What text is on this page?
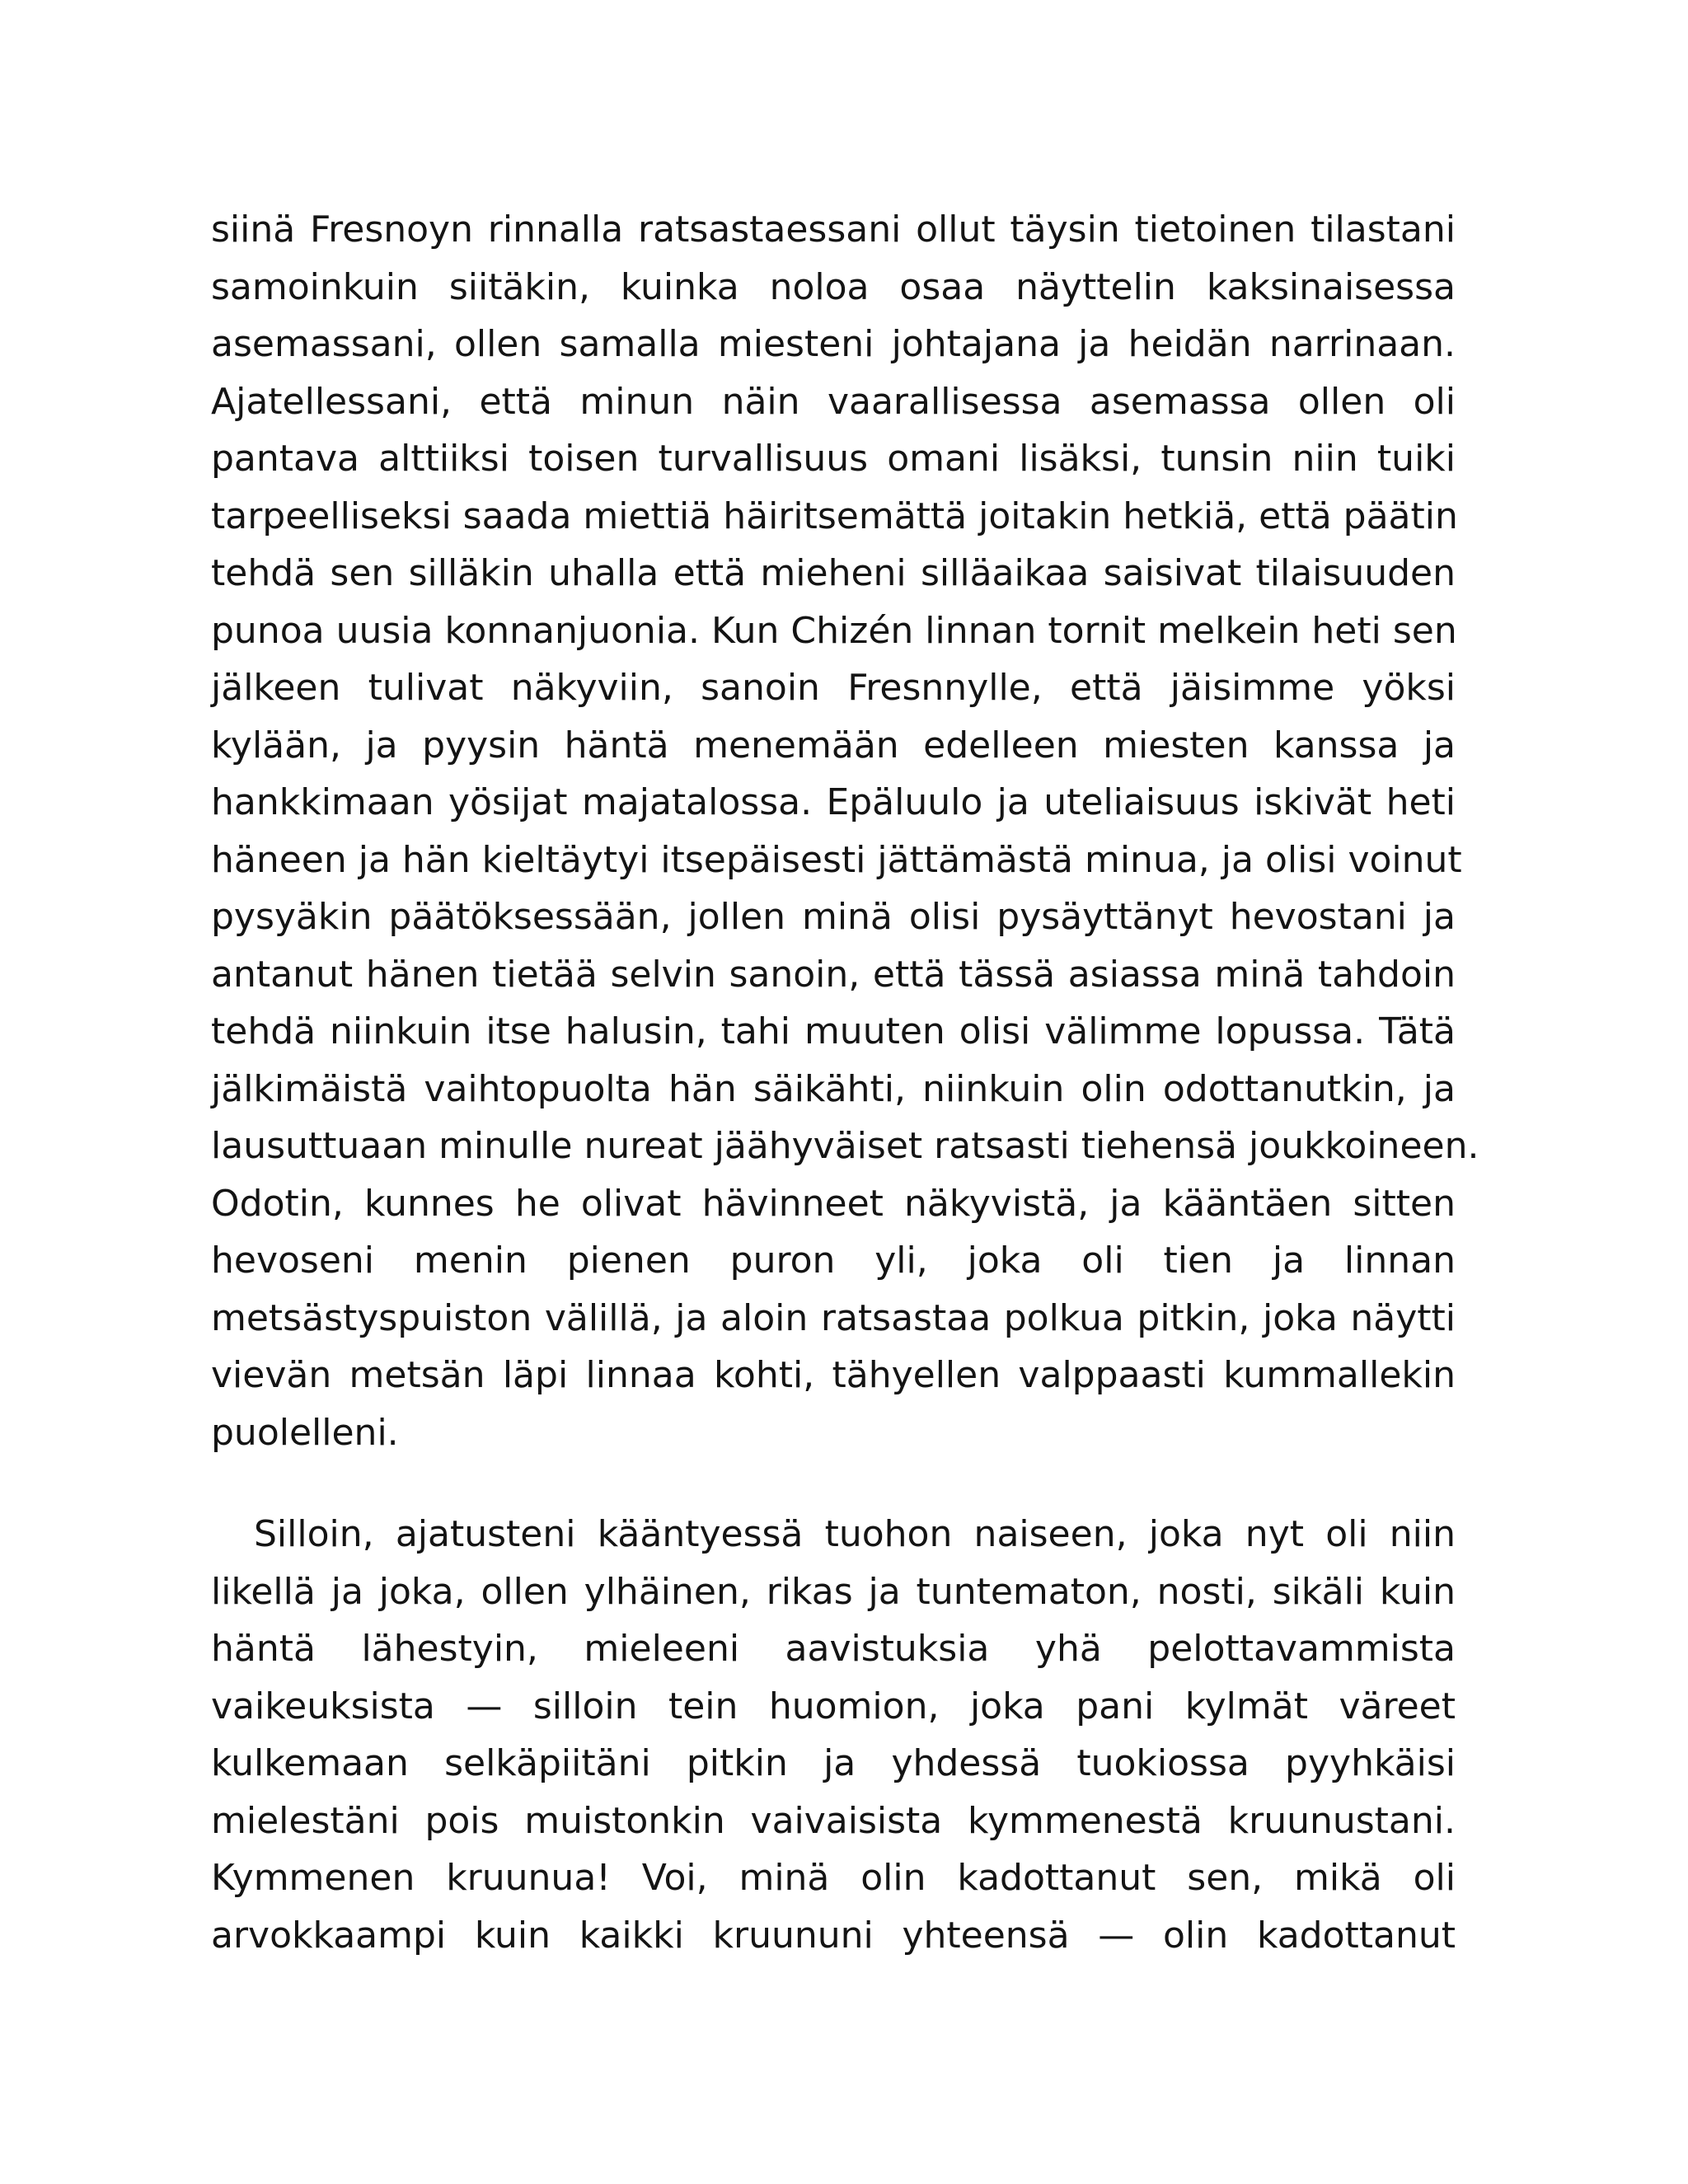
siinä Fresnoyn rinnalla ratsastaessani ollut täysin tietoinen tilastani
samoinkuin siitäkin, kuinka noloa osaa näyttelin kaksinaisessa
asemassani, ollen samalla miesteni johtajana ja heidän narrinaan.
Ajatellessani, että minun näin vaarallisessa asemassa ollen oli
pantava alttiiksi toisen turvallisuus omani lisäksi, tunsin niin tuiki
tarpeelliseksi saada miettiä häiritsemättä joitakin hetkiä, että päätin
tehdä sen silläkin uhalla että mieheni silläaikaa saisivat tilaisuuden
punoa uusia konnanjuonia. Kun Chizén linnan tornit melkein heti sen
jälkeen tulivat näkyviin, sanoin Fresnnylle, että jäisimme yöksi
kylään, ja pyysin häntä menemään edelleen miesten kanssa ja
hankkimaan yösijat majatalossa. Epäluulo ja uteliaisuus iskivät heti
häneen ja hän kieltäytyi itsepäisesti jättämästä minua, ja olisi voinut
pysyäkin päätöksessään, jollen minä olisi pysäyttänyt hevostani ja
antanut hänen tietää selvin sanoin, että tässä asiassa minä tahdoin
tehdä niinkuin itse halusin, tahi muuten olisi välimme lopussa. Tätä
jälkimäistä vaihtopuolta hän säikähti, niinkuin olin odottanutkin, ja
lausuttuaan minulle nureat jäähyväiset ratsasti tiehensä joukkoineen.
Odotin, kunnes he olivat hävinneet näkyvistä, ja kääntäen sitten
hevoseni menin pienen puron yli, joka oli tien ja linnan
metsästyspuiston välillä, ja aloin ratsastaa polkua pitkin, joka näytti
vievän metsän läpi linnaa kohti, tähyellen valppaasti kummallekin
puolelleni.
Silloin, ajatusteni kääntyessä tuohon naiseen, joka nyt oli niin
likellä ja joka, ollen ylhäinen, rikas ja tuntematon, nosti, sikäli kuin
häntä lähestyin, mieleeni aavistuksia yhä pelottavammista
vaikeuksista — silloin tein huomion, joka pani kylmät väreet
kulkemaan selkäpiitäni pitkin ja yhdessä tuokiossa pyyhkäisi
mielestäni pois muistonkin vaivaisista kymmenestä kruunustani.
Kymmenen kruunua! Voi, minä olin kadottanut sen, mikä oli
arvokkaampi kuin kaikki kruununi yhteensä — olin kadottanut
